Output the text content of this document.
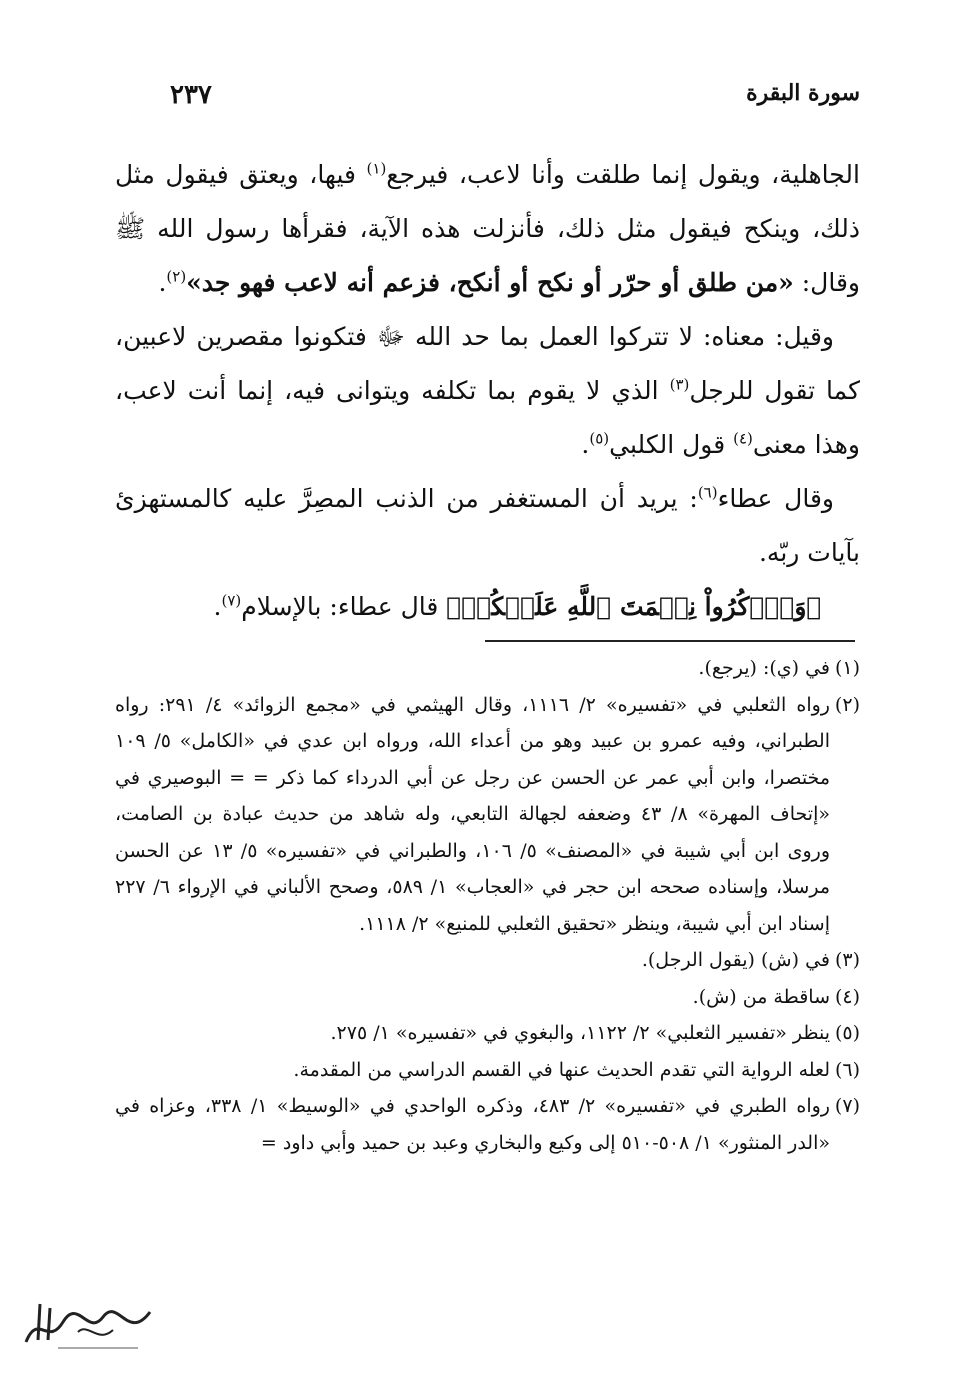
سورة البقرة
٢٣٧

الجاهلية، ويقول إنما طلقت وأنا لاعب، فيرجع$^{(١)}$ فيها، ويعتق فيقول مثل ذلك، وينكح فيقول مثل ذلك، فأنزلت هذه الآية، فقرأها رسول الله ﷺ وقال: «من طلق أو حرّر أو نكح أو أنكح، فزعم أنه لاعب فهو جد»$^{(٢)}$.

وقيل: معناه: لا تتركوا العمل بما حد الله ﷻ فتكونوا مقصرين لاعبين، كما تقول للرجل$^{(٣)}$ الذي لا يقوم بما تكلفه ويتوانى فيه، إنما أنت لاعب، وهذا معنى$^{(٤)}$ قول الكلبي$^{(٥)}$.

وقال عطاء$^{(٦)}$: يريد أن المستغفر من الذنب المصِرَّ عليه كالمستهزئ بآيات ربّه.

﴿وَٱذۡكُرُواْ نِعۡمَتَ ٱللَّهِ عَلَيۡكُمۡ﴾ قال عطاء: بالإسلام$^{(٧)}$.

(١)في (ي): (يرجع).
(٢)رواه الثعلبي في «تفسيره» ٢/ ١١١٦، وقال الهيثمي في «مجمع الزوائد» ٤/ ٢٩١: رواه الطبراني، وفيه عمرو بن عبيد وهو من أعداء الله، ورواه ابن عدي في «الكامل» ٥/ ١٠٩ مختصرا، وابن أبي عمر عن الحسن عن رجل عن أبي الدرداء كما ذكر = = البوصيري في «إتحاف المهرة» ٨/ ٤٣ وضعفه لجهالة التابعي، وله شاهد من حديث عبادة بن الصامت، وروى ابن أبي شيبة في «المصنف» ٥/ ١٠٦، والطبراني في «تفسيره» ٥/ ١٣ عن الحسن مرسلا، وإسناده صححه ابن حجر في «العجاب» ١/ ٥٨٩، وصحح الألباني في الإرواء ٦/ ٢٢٧ إسناد ابن أبي شيبة، وينظر «تحقيق الثعلبي للمنيع» ٢/ ١١١٨.
(٣)في (ش) (يقول الرجل).
(٤)ساقطة من (ش).
(٥)ينظر «تفسير الثعلبي» ٢/ ١١٢٢، والبغوي في «تفسيره» ١/ ٢٧٥.
(٦)لعله الرواية التي تقدم الحديث عنها في القسم الدراسي من المقدمة.
(٧)رواه الطبري في «تفسيره» ٢/ ٤٨٣، وذكره الواحدي في «الوسيط» ١/ ٣٣٨، وعزاه في «الدر المنثور» ١/ ٥٠٨-٥١٠ إلى وكيع والبخاري وعبد بن حميد وأبي داود =
